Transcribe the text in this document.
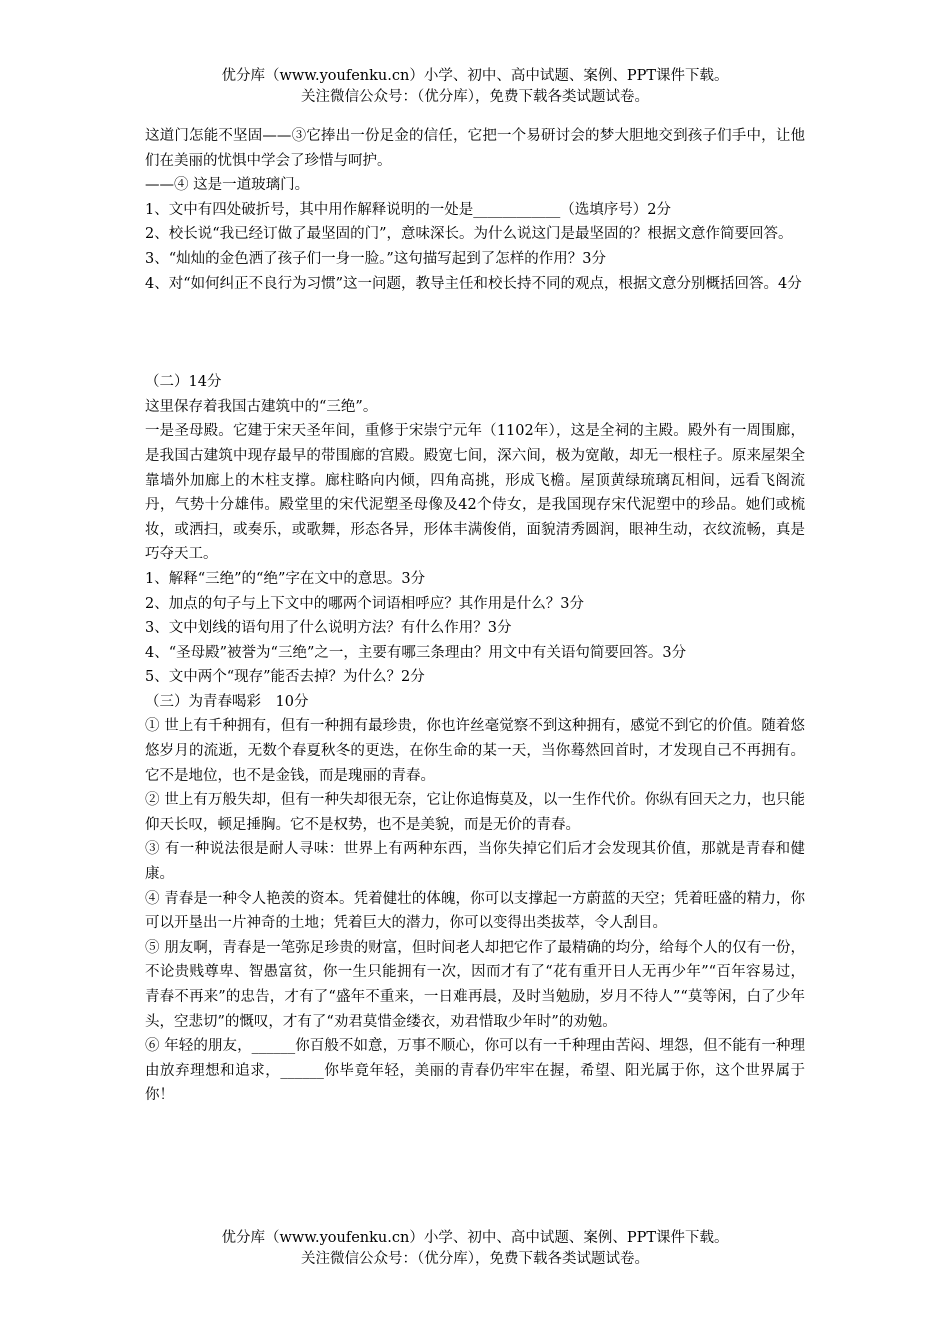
优分库（www.youfenku.cn）小学、初中、高中试题、案例、PPT课件下载。
关注微信公众号：（优分库），免费下载各类试题试卷。

这道门怎能不坚固——③它捧出一份足金的信任，它把一个易研讨会的梦大胆地交到孩子们手中，让他们在美丽的忧惧中学会了珍惜与呵护。

——④ 这是一道玻璃门。

1、文中有四处破折号，其中用作解释说明的一处是____________（选填序号）2分

2、校长说“我已经订做了最坚固的门”，意味深长。为什么说这门是最坚固的？根据文意作简要回答。

3、“灿灿的金色洒了孩子们一身一脸。”这句描写起到了怎样的作用？3分

4、对“如何纠正不良行为习惯”这一问题，教导主任和校长持不同的观点，根据文意分别概括回答。4分

（二）14分

这里保存着我国古建筑中的“三绝”。

一是圣母殿。它建于宋天圣年间，重修于宋崇宁元年（1102年），这是全祠的主殿。殿外有一周围廊，是我国古建筑中现存最早的带围廊的宫殿。殿宽七间，深六间，极为宽敞，却无一根柱子。原来屋架全靠墙外加廊上的木柱支撑。廊柱略向内倾，四角高挑，形成飞檐。屋顶黄绿琉璃瓦相间，远看飞阁流丹，气势十分雄伟。殿堂里的宋代泥塑圣母像及42个侍女，是我国现存宋代泥塑中的珍品。她们或梳妆，或洒扫，或奏乐，或歌舞，形态各异，形体丰满俊俏，面貌清秀圆润，眼神生动，衣纹流畅，真是巧夺天工。

1、解释“三绝”的“绝”字在文中的意思。3分

2、加点的句子与上下文中的哪两个词语相呼应？其作用是什么？3分

3、文中划线的语句用了什么说明方法？有什么作用？3分

4、“圣母殿”被誉为“三绝”之一，主要有哪三条理由？用文中有关语句简要回答。3分

5、文中两个“现存”能否去掉？为什么？2分

（三）为青春喝彩　10分

① 世上有千种拥有，但有一种拥有最珍贵，你也许丝毫觉察不到这种拥有，感觉不到它的价值。随着悠悠岁月的流逝，无数个春夏秋冬的更迭，在你生命的某一天，当你蓦然回首时，才发现自己不再拥有。它不是地位，也不是金钱，而是瑰丽的青春。

② 世上有万般失却，但有一种失却很无奈，它让你追悔莫及，以一生作代价。你纵有回天之力，也只能仰天长叹，顿足捶胸。它不是权势，也不是美貌，而是无价的青春。

③ 有一种说法很是耐人寻味：世界上有两种东西，当你失掉它们后才会发现其价值，那就是青春和健康。

④ 青春是一种令人艳羡的资本。凭着健壮的体魄，你可以支撑起一方蔚蓝的天空；凭着旺盛的精力，你可以开垦出一片神奇的土地；凭着巨大的潜力，你可以变得出类拔萃，令人刮目。

⑤ 朋友啊，青春是一笔弥足珍贵的财富，但时间老人却把它作了最精确的均分，给每个人的仅有一份，不论贵贱尊卑、智愚富贫，你一生只能拥有一次，因而才有了“花有重开日人无再少年”“百年容易过，青春不再来”的忠告，才有了“盛年不重来，一日难再晨，及时当勉励，岁月不待人”“莫等闲，白了少年头，空悲切”的慨叹，才有了“劝君莫惜金缕衣，劝君惜取少年时”的劝勉。

⑥ 年轻的朋友，______你百般不如意，万事不顺心，你可以有一千种理由苦闷、埋怨，但不能有一种理由放弃理想和追求，______你毕竟年轻，美丽的青春仍牢牢在握，希望、阳光属于你，这个世界属于你！

优分库（www.youfenku.cn）小学、初中、高中试题、案例、PPT课件下载。
关注微信公众号：（优分库），免费下载各类试题试卷。
